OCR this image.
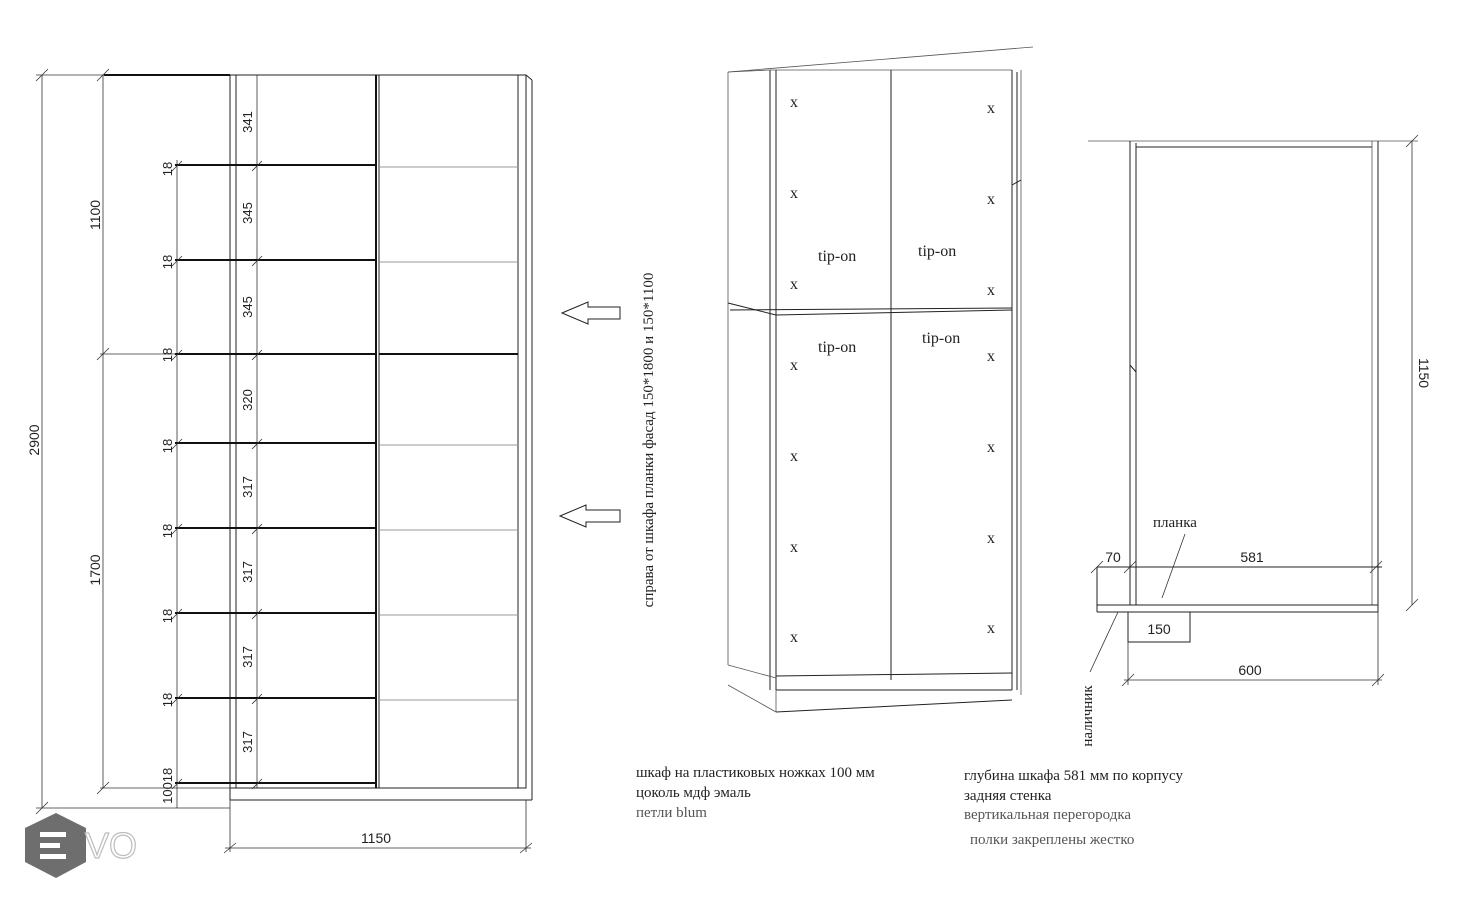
VO
2900
1100
1700
18
18
18
18
18
18
18
100
18
341
345
345
320
317
317
317
317
1150
справа от шкафа планки фасад 150*1800 и 150*1100
tip-on	tip-on
tip-on
tip-on
x
x
x
x
x
x
x
x
x
x
x
x
x
x
1150
70	581
планка
150
600
наличник
шкаф на пластиковых ножках 100 мм
цоколь мдф эмаль
петли blum
глубина шкафа 581 мм по корпусу
задняя стенка
вертикальная перегородка
полки закреплены жестко
